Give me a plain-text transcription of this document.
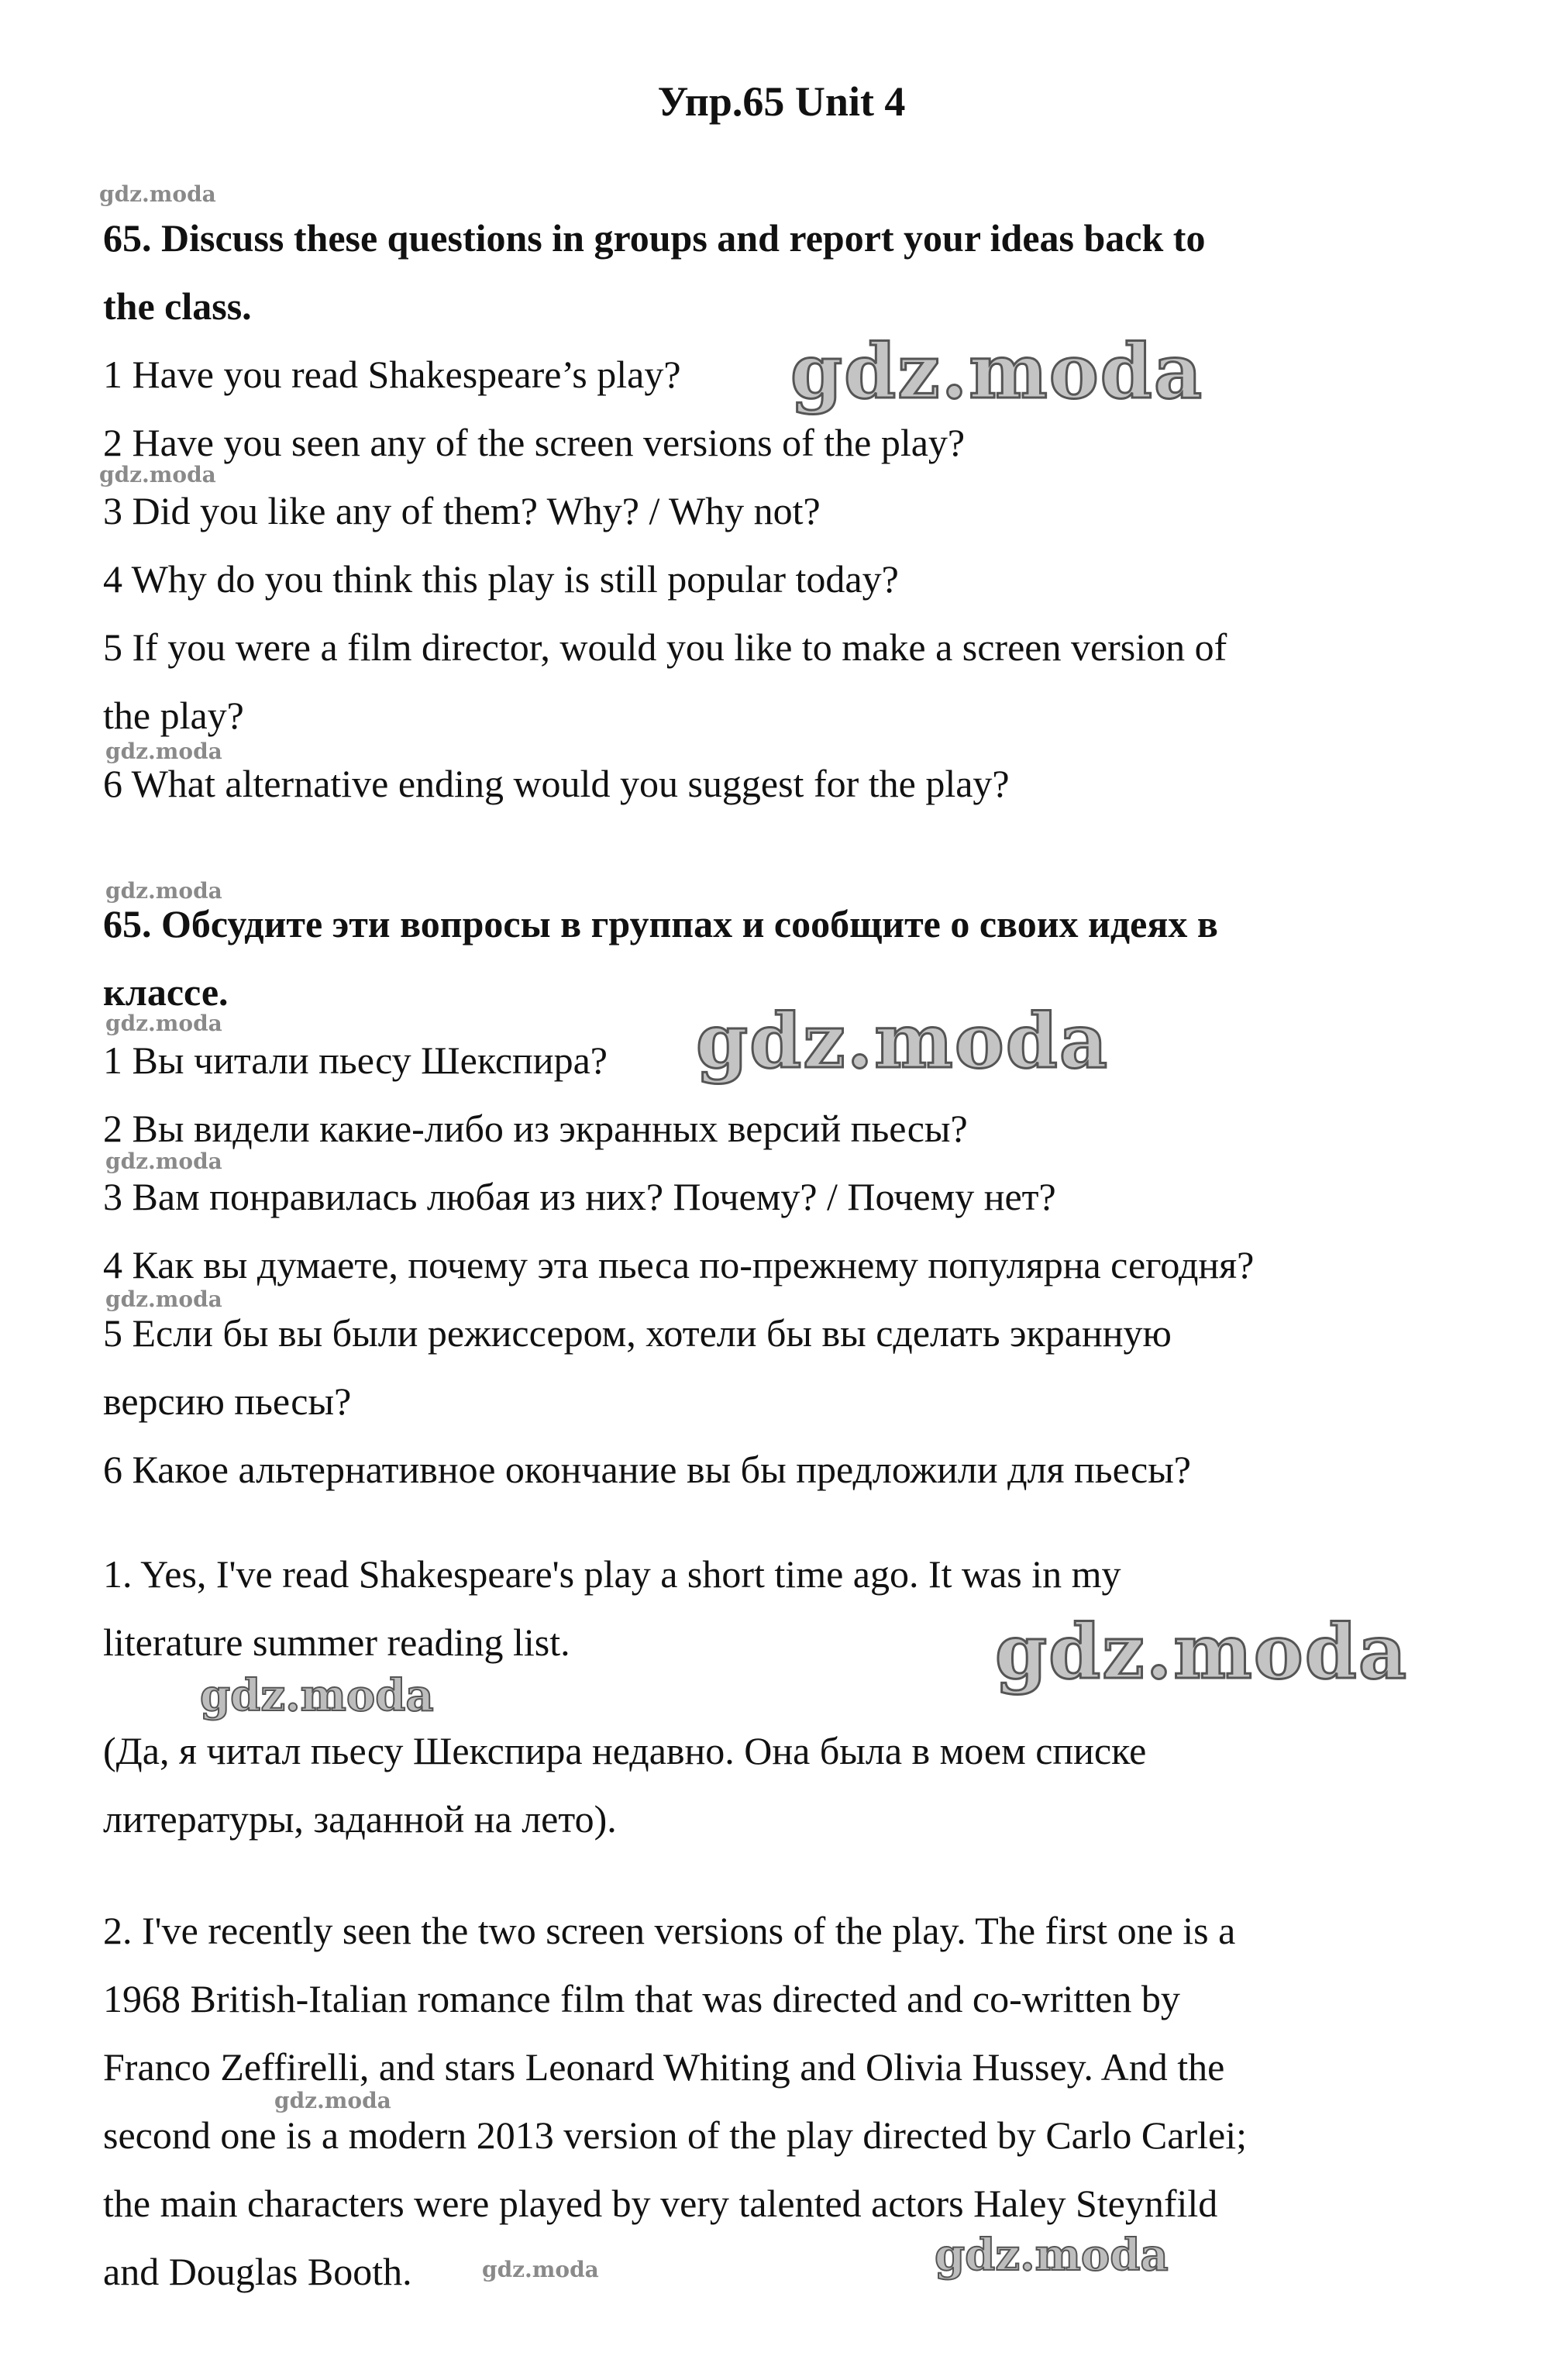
Упр.65 Unit 4
65. Discuss these questions in groups and report your ideas back to
the class.
1 Have you read Shakespeare’s play?
2 Have you seen any of the screen versions of the play?
3 Did you like any of them? Why? / Why not?
4 Why do you think this play is still popular today?
5 If you were a film director, would you like to make a screen version of
the play?
6 What alternative ending would you suggest for the play?
65. Обсудите эти вопросы в группах и сообщите о своих идеях в
классе.
1 Вы читали пьесу Шекспира?
2 Вы видели какие-либо из экранных версий пьесы?
3 Вам понравилась любая из них? Почему? / Почему нет?
4 Как вы думаете, почему эта пьеса по-прежнему популярна сегодня?
5 Если бы вы были режиссером, хотели бы вы сделать экранную
версию пьесы?
6 Какое альтернативное окончание вы бы предложили для пьесы?
1. Yes, I've read Shakespeare's play a short time ago. It was in my
literature summer reading list.
(Да, я читал пьесу Шекспира недавно. Она была в моем списке
литературы, заданной на лето).
2. I've recently seen the two screen versions of the play. The first one is a
1968 British-Italian romance film that was directed and co-written by
Franco Zeffirelli, and stars Leonard Whiting and Olivia Hussey. And the
second one is a modern 2013 version of the play directed by Carlo Carlei;
the main characters were played by very talented actors Haley Steynfild
and Douglas Booth.
gdz.moda
gdz.moda
gdz.moda
gdz.moda
gdz.moda
gdz.moda	gdz.moda
gdz.moda
gdz.moda
gdz.moda
gdz.moda
gdz.moda
gdz.moda	gdz.moda
